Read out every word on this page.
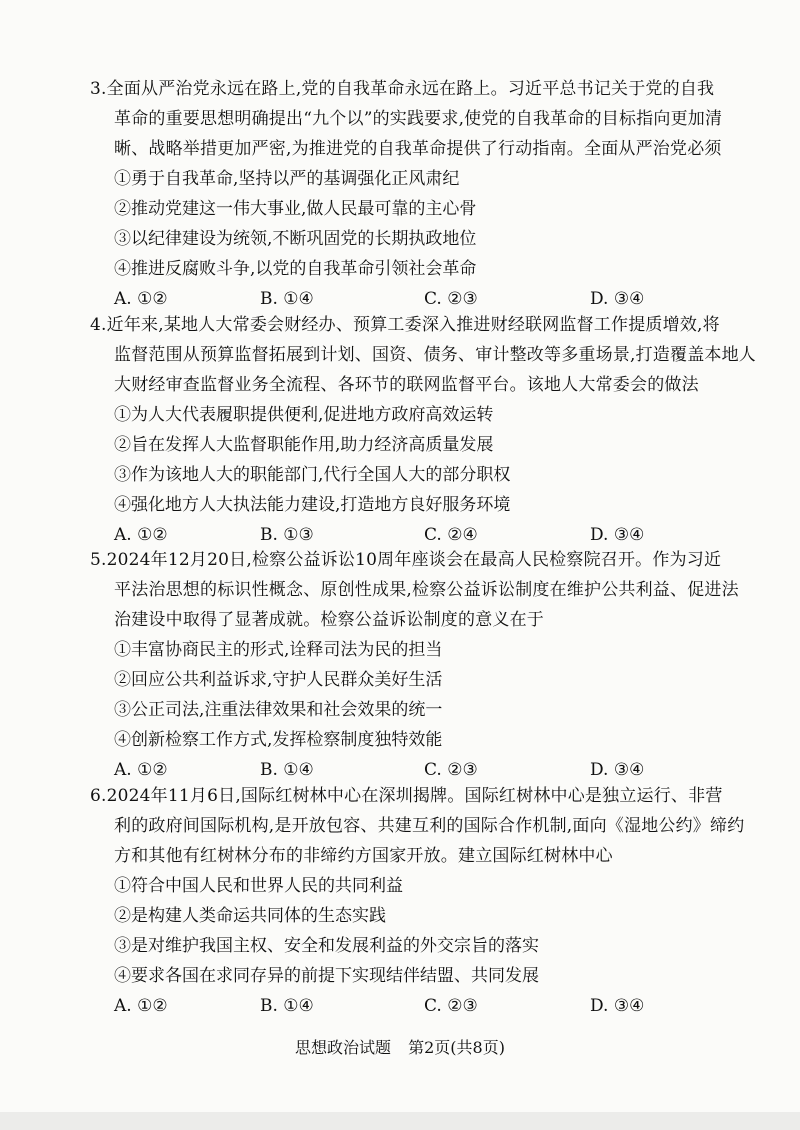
3.全面从严治党永远在路上,党的自我革命永远在路上。习近平总书记关于党的自我
革命的重要思想明确提出“九个以”的实践要求,使党的自我革命的目标指向更加清
晰、战略举措更加严密,为推进党的自我革命提供了行动指南。全面从严治党必须
①勇于自我革命,坚持以严的基调强化正风肃纪
②推动党建这一伟大事业,做人民最可靠的主心骨
③以纪律建设为统领,不断巩固党的长期执政地位
④推进反腐败斗争,以党的自我革命引领社会革命
A. ①②	B. ①④	C. ②③	D. ③④
4.近年来,某地人大常委会财经办、预算工委深入推进财经联网监督工作提质增效,将
监督范围从预算监督拓展到计划、国资、债务、审计整改等多重场景,打造覆盖本地人
大财经审查监督业务全流程、各环节的联网监督平台。该地人大常委会的做法
①为人大代表履职提供便利,促进地方政府高效运转
②旨在发挥人大监督职能作用,助力经济高质量发展
③作为该地人大的职能部门,代行全国人大的部分职权
④强化地方人大执法能力建设,打造地方良好服务环境
A. ①②	B. ①③	C. ②④	D. ③④
5.2024年12月20日,检察公益诉讼10周年座谈会在最高人民检察院召开。作为习近
平法治思想的标识性概念、原创性成果,检察公益诉讼制度在维护公共利益、促进法
治建设中取得了显著成就。检察公益诉讼制度的意义在于
①丰富协商民主的形式,诠释司法为民的担当
②回应公共利益诉求,守护人民群众美好生活
③公正司法,注重法律效果和社会效果的统一
④创新检察工作方式,发挥检察制度独特效能
A. ①②	B. ①④	C. ②③	D. ③④
6.2024年11月6日,国际红树林中心在深圳揭牌。国际红树林中心是独立运行、非营
利的政府间国际机构,是开放包容、共建互利的国际合作机制,面向《湿地公约》缔约
方和其他有红树林分布的非缔约方国家开放。建立国际红树林中心
①符合中国人民和世界人民的共同利益
②是构建人类命运共同体的生态实践
③是对维护我国主权、安全和发展利益的外交宗旨的落实
④要求各国在求同存异的前提下实现结伴结盟、共同发展
A. ①②	B. ①④	C. ②③	D. ③④
思想政治试题 第2页(共8页)
